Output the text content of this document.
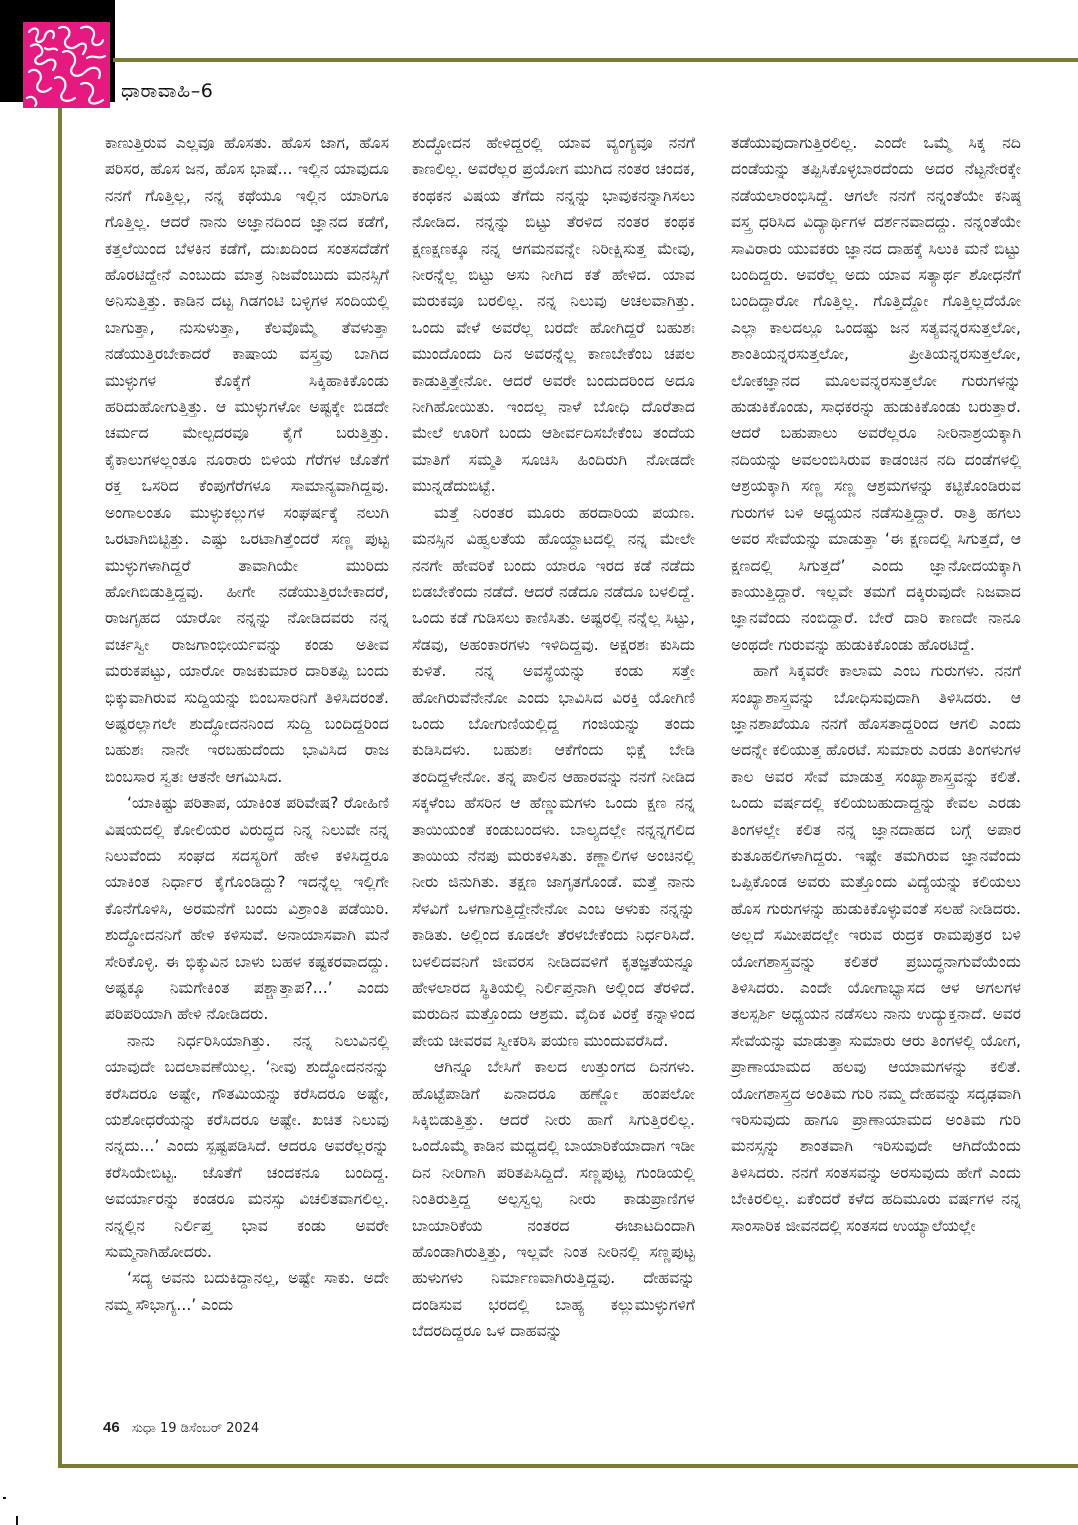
ಧಾರಾವಾಹಿ–6

ಕಾಣುತ್ತಿರುವ ಎಲ್ಲವೂ ಹೊಸತು. ಹೊಸ ಜಾಗ, ಹೊಸ ಪರಿಸರ, ಹೊಸ ಜನ, ಹೊಸ ಭಾಷೆ... ಇಲ್ಲಿನ ಯಾವುದೂ ನನಗೆ ಗೊತ್ತಿಲ್ಲ, ನನ್ನ ಕಥೆಯೂ ಇಲ್ಲಿನ ಯಾರಿಗೂ ಗೊತ್ತಿಲ್ಲ. ಆದರೆ ನಾನು ಅಜ್ಞಾನದಿಂದ ಜ್ಞಾನದ ಕಡೆಗೆ, ಕತ್ತಲೆಯಿಂದ ಬೆಳಕಿನ ಕಡೆಗೆ, ದುಃಖದಿಂದ ಸಂತಸದೆಡೆಗೆ ಹೊರಟಿದ್ದೇನೆ ಎಂಬುದು ಮಾತ್ರ ನಿಜವೆಂಬುದು ಮನಸ್ಸಿಗೆ ಅನಿಸುತ್ತಿತ್ತು. ಕಾಡಿನ ದಟ್ಟ ಗಿಡಗಂಟಿ ಬಳ್ಳಿಗಳ ಸಂದಿಯಲ್ಲಿ ಬಾಗುತ್ತಾ, ನುಸುಳುತ್ತಾ, ಕೆಲವೊಮ್ಮೆ ತೆವಳುತ್ತಾ ನಡೆಯುತ್ತಿರಬೇಕಾದರೆ ಕಾಷಾಯ ವಸ್ತ್ರವು ಬಾಗಿದ ಮುಳ್ಳುಗಳ ಕೊಕ್ಕೆಗೆ ಸಿಕ್ಕಿಹಾಕಿಕೊಂಡು ಹರಿದುಹೋಗುತ್ತಿತ್ತು. ಆ ಮುಳ್ಳುಗಳೋ ಅಷ್ಟಕ್ಕೇ ಬಿಡದೇ ಚರ್ಮದ ಮೇಲ್ಪದರವೂ ಕೈಗೆ ಬರುತ್ತಿತ್ತು. ಕೈಕಾಲುಗಳಲ್ಲಂತೂ ನೂರಾರು ಬಿಳಿಯ ಗೆರೆಗಳ ಜೊತೆಗೆ ರಕ್ತ ಒಸರಿದ ಕೆಂಪುಗೆರೆಗಳೂ ಸಾಮಾನ್ಯವಾಗಿದ್ದವು. ಅಂಗಾಲಂತೂ ಮುಳ್ಳುಕಲ್ಲುಗಳ ಸಂಘರ್ಷಕ್ಕೆ ನಲುಗಿ ಒರಟಾಗಿಬಿಟ್ಟಿತ್ತು. ಎಷ್ಟು ಒರಟಾಗಿತ್ತೆಂದರೆ ಸಣ್ಣ ಪುಟ್ಟ ಮುಳ್ಳುಗಳಾಗಿದ್ದರೆ ತಾವಾಗಿಯೇ ಮುರಿದು ಹೋಗಿಬಿಡುತ್ತಿದ್ದವು. ಹೀಗೇ ನಡೆಯುತ್ತಿರಬೇಕಾದರೆ, ರಾಜಗೃಹದ ಯಾರೋ ನನ್ನನ್ನು ನೋಡಿದವರು ನನ್ನ ವರ್ಚಸ್ವೀ ರಾಜಗಾಂಭೀರ್ಯವನ್ನು ಕಂಡು ಅತೀವ ಮರುಕಪಟ್ಟು, ಯಾರೋ ರಾಜಕುಮಾರ ದಾರಿತಪ್ಪಿ ಬಂದು ಭಿಕ್ಕುವಾಗಿರುವ ಸುದ್ದಿಯನ್ನು ಬಿಂಬಸಾರನಿಗೆ ತಿಳಿಸಿದರಂತೆ. ಅಷ್ಟರಲ್ಲಾಗಲೇ ಶುದ್ಧೋದನನಿಂದ ಸುದ್ದಿ ಬಂದಿದ್ದರಿಂದ ಬಹುಶಃ ನಾನೇ ಇರಬಹುದೆಂದು ಭಾವಿಸಿದ ರಾಜ ಬಿಂಬಸಾರ ಸ್ವತಃ ಆತನೇ ಆಗಮಿಸಿದ.

‘ಯಾಕಿಷ್ಟು ಪರಿತಾಪ, ಯಾಕಿಂತ ಪರಿವೇಷ? ರೋಹಿಣಿ ವಿಷಯದಲ್ಲಿ ಕೋಲಿಯರ ವಿರುದ್ಧದ ನಿನ್ನ ನಿಲುವೇ ನನ್ನ ನಿಲುವೆಂದು ಸಂಘದ ಸದಸ್ಯರಿಗೆ ಹೇಳಿ ಕಳಿಸಿದ್ದರೂ ಯಾಕಿಂತ ನಿರ್ಧಾರ ಕೈಗೊಂಡಿದ್ದು? ಇದನ್ನೆಲ್ಲ ಇಲ್ಲಿಗೇ ಕೊನೆಗೊಳಿಸಿ, ಅರಮನೆಗೆ ಬಂದು ವಿಶ್ರಾಂತಿ ಪಡೆಯಿರಿ. ಶುದ್ಧೋದನನಿಗೆ ಹೇಳಿ ಕಳಿಸುವೆ. ಅನಾಯಾಸವಾಗಿ ಮನೆ ಸೇರಿಕೊಳ್ಳಿ. ಈ ಭಿಕ್ಕುವಿನ ಬಾಳು ಬಹಳ ಕಷ್ಟಕರವಾದದ್ದು. ಅಷ್ಟಕ್ಕೂ ನಿಮಗೇಕಿಂತ ಪಶ್ಚಾತ್ತಾಪ?...’ ಎಂದು ಪರಿಪರಿಯಾಗಿ ಹೇಳಿ ನೋಡಿದರು.

ನಾನು ನಿರ್ಧರಿಸಿಯಾಗಿತ್ತು. ನನ್ನ ನಿಲುವಿನಲ್ಲಿ ಯಾವುದೇ ಬದಲಾವಣೆಯಿಲ್ಲ. ‘ನೀವು ಶುದ್ಧೋದನನನ್ನು ಕರೆಸಿದರೂ ಅಷ್ಟೇ, ಗೌತಮಿಯನ್ನು ಕರೆಸಿದರೂ ಅಷ್ಟೇ, ಯಶೋಧರೆಯನ್ನು ಕರೆಸಿದರೂ ಅಷ್ಟೇ. ಖಚಿತ ನಿಲುವು ನನ್ನದು...’ ಎಂದು ಸ್ಪಷ್ಟಪಡಿಸಿದೆ. ಆದರೂ ಅವರೆಲ್ಲರನ್ನು ಕರೆಸಿಯೇಬಿಟ್ಟ. ಜೊತೆಗೆ ಚಂದಕನೂ ಬಂದಿದ್ದ. ಅವರ್ಯಾರನ್ನು ಕಂಡರೂ ಮನಸ್ಸು ವಿಚಲಿತವಾಗಲಿಲ್ಲ. ನನ್ನಲ್ಲಿನ ನಿರ್ಲಿಪ್ತ ಭಾವ ಕಂಡು ಅವರೇ ಸುಮ್ಮನಾಗಿಹೋದರು.

‘ಸದ್ಯ ಅವನು ಬದುಕಿದ್ದಾನಲ್ಲ, ಅಷ್ಟೇ ಸಾಕು. ಅದೇ ನಮ್ಮ ಸೌಭಾಗ್ಯ...’ ಎಂದು

ಶುದ್ಧೋದನ ಹೇಳಿದ್ದರಲ್ಲಿ ಯಾವ ವ್ಯಂಗ್ಯವೂ ನನಗೆ ಕಾಣಲಿಲ್ಲ. ಅವರೆಲ್ಲರ ಪ್ರಯೋಗ ಮುಗಿದ ನಂತರ ಚಂದಕ, ಕಂಥಕನ ವಿಷಯ ತೆಗೆದು ನನ್ನನ್ನು ಭಾವುಕನನ್ನಾಗಿಸಲು ನೋಡಿದ. ನನ್ನನ್ನು ಬಿಟ್ಟು ತೆರಳಿದ ನಂತರ ಕಂಥಕ ಕ್ಷಣಕ್ಷಣಕ್ಕೂ ನನ್ನ ಆಗಮನವನ್ನೇ ನಿರೀಕ್ಷಿಸುತ್ತ ಮೇವು, ನೀರನ್ನೆಲ್ಲ ಬಿಟ್ಟು ಅಸು ನೀಗಿದ ಕತೆ ಹೇಳಿದ. ಯಾವ ಮರುಕವೂ ಬರಲಿಲ್ಲ. ನನ್ನ ನಿಲುವು ಅಚಲವಾಗಿತ್ತು. ಒಂದು ವೇಳೆ ಅವರೆಲ್ಲ ಬರದೇ ಹೋಗಿದ್ದರೆ ಬಹುಶಃ ಮುಂದೊಂದು ದಿನ ಅವರನ್ನೆಲ್ಲ ಕಾಣಬೇಕೆಂಬ ಚಪಲ ಕಾಡುತ್ತಿತ್ತೇನೋ. ಆದರೆ ಅವರೇ ಬಂದುದರಿಂದ ಅದೂ ನೀಗಿಹೋಯಿತು. ಇಂದಲ್ಲ ನಾಳೆ ಬೋಧಿ ದೊರೆತಾದ ಮೇಲೆ ಊರಿಗೆ ಬಂದು ಆಶೀರ್ವದಿಸಬೇಕೆಂಬ ತಂದೆಯ ಮಾತಿಗೆ ಸಮ್ಮತಿ ಸೂಚಿಸಿ ಹಿಂದಿರುಗಿ ನೋಡದೇ ಮುನ್ನಡೆದುಬಿಟ್ಟೆ.

ಮತ್ತೆ ನಿರಂತರ ಮೂರು ಹರದಾರಿಯ ಪಯಣ. ಮನಸ್ಸಿನ ವಿಹ್ವಲತೆಯ ಹೊಯ್ದಾಟದಲ್ಲಿ ನನ್ನ ಮೇಲೇ ನನಗೇ ಹೇವರಿಕೆ ಬಂದು ಯಾರೂ ಇರದ ಕಡೆ ನಡೆದು ಬಿಡಬೇಕೆಂದು ನಡೆದೆ. ಆದರೆ ನಡೆದೂ ನಡೆದೂ ಬಳಲಿದ್ದೆ. ಒಂದು ಕಡೆ ಗುಡಿಸಲು ಕಾಣಿಸಿತು. ಅಷ್ಟರಲ್ಲಿ ನನ್ನೆಲ್ಲ ಸಿಟ್ಟು, ಸೆಡವು, ಅಹಂಕಾರಗಳು ಇಳಿದಿದ್ದವು. ಅಕ್ಷರಶಃ ಕುಸಿದು ಕುಳಿತೆ. ನನ್ನ ಅವಸ್ಥೆಯನ್ನು ಕಂಡು ಸತ್ತೇ ಹೋಗಿರುವೆನೇನೋ ಎಂದು ಭಾವಿಸಿದ ವಿರಕ್ತಿ ಯೋಗಿಣಿ ಒಂದು ಬೋಗುಣಿಯಲ್ಲಿದ್ದ ಗಂಜಿಯನ್ನು ತಂದು ಕುಡಿಸಿದಳು. ಬಹುಶಃ ಆಕೆಗೆಂದು ಭಿಕ್ಷೆ ಬೇಡಿ ತಂದಿದ್ದಳೇನೋ. ತನ್ನ ಪಾಲಿನ ಆಹಾರವನ್ನು ನನಗೆ ನೀಡಿದ ಸಕ್ಕಳೆಂಬ ಹೆಸರಿನ ಆ ಹೆಣ್ಣುಮಗಳು ಒಂದು ಕ್ಷಣ ನನ್ನ ತಾಯಿಯಂತೆ ಕಂಡುಬಂದಳು. ಬಾಲ್ಯದಲ್ಲೇ ನನ್ನನ್ನಗಲಿದ ತಾಯಿಯ ನೆನಪು ಮರುಕಳಿಸಿತು. ಕಣ್ಣಾಲಿಗಳ ಅಂಚಿನಲ್ಲಿ ನೀರು ಜಿನುಗಿತು. ತಕ್ಷಣ ಜಾಗೃತಗೊಂಡೆ. ಮತ್ತೆ ನಾನು ಸೆಳವಿಗೆ ಒಳಗಾಗುತ್ತಿದ್ದೇನೇನೋ ಎಂಬ ಅಳುಕು ನನ್ನನ್ನು ಕಾಡಿತು. ಅಲ್ಲಿಂದ ಕೂಡಲೇ ತೆರಳಬೇಕೆಂದು ನಿರ್ಧರಿಸಿದೆ. ಬಳಲಿದವನಿಗೆ ಜೀವರಸ ನೀಡಿದವಳಿಗೆ ಕೃತಜ್ಞತೆಯನ್ನೂ ಹೇಳಲಾರದ ಸ್ಥಿತಿಯಲ್ಲಿ ನಿರ್ಲಿಪ್ತನಾಗಿ ಅಲ್ಲಿಂದ ತೆರಳಿದೆ. ಮರುದಿನ ಮತ್ತೊಂದು ಆಶ್ರಮ. ವೈದಿಕ ವಿರಕ್ತೆ ಕನ್ನಾಳಿಂದ ಪೇಯ ಚೀವರವ ಸ್ವೀಕರಿಸಿ ಪಯಣ ಮುಂದುವರೆಸಿದೆ.

ಆಗಿನ್ನೂ ಬೇಸಿಗೆ ಕಾಲದ ಉತ್ತುಂಗದ ದಿನಗಳು. ಹೊಟ್ಟೆಪಾಡಿಗೆ ಏನಾದರೂ ಹಣ್ಣೋ ಹಂಪಲೋ ಸಿಕ್ಕಿಬಿಡುತ್ತಿತ್ತು. ಆದರೆ ನೀರು ಹಾಗೆ ಸಿಗುತ್ತಿರಲಿಲ್ಲ. ಒಂದೊಮ್ಮೆ ಕಾಡಿನ ಮಧ್ಯದಲ್ಲಿ ಬಾಯಾರಿಕೆಯಾದಾಗ ಇಡೀ ದಿನ ನೀರಿಗಾಗಿ ಪರಿತಪಿಸಿದ್ದಿದೆ. ಸಣ್ಣಪುಟ್ಟ ಗುಂಡಿಯಲ್ಲಿ ನಿಂತಿರುತ್ತಿದ್ದ ಅಲ್ಪಸ್ವಲ್ಪ ನೀರು ಕಾಡುಪ್ರಾಣಿಗಳ ಬಾಯಾರಿಕೆಯ ನಂತರದ ಈಜಾಟದಿಂದಾಗಿ ಹೊಂಡಾಗಿರುತ್ತಿತ್ತು, ಇಲ್ಲವೇ ನಿಂತ ನೀರಿನಲ್ಲಿ ಸಣ್ಣಪುಟ್ಟ ಹುಳುಗಳು ನಿರ್ಮಾಣವಾಗಿರುತ್ತಿದ್ದವು. ದೇಹವನ್ನು ದಂಡಿಸುವ ಭರದಲ್ಲಿ ಬಾಹ್ಯ ಕಲ್ಲುಮುಳ್ಳುಗಳಿಗೆ ಬೆದರದಿದ್ದರೂ ಒಳ ದಾಹವನ್ನು

ತಡೆಯುವುದಾಗುತ್ತಿರಲಿಲ್ಲ. ಎಂದೇ ಒಮ್ಮೆ ಸಿಕ್ಕ ನದಿ ದಂಡೆಯನ್ನು ತಪ್ಪಿಸಿಕೊಳ್ಳಬಾರದೆಂದು ಅದರ ನೆಟ್ಟನೇರಕ್ಕೇ ನಡೆಯಲಾರಂಭಿಸಿದ್ದೆ. ಆಗಲೇ ನನಗೆ ನನ್ನಂತೆಯೇ ಕನಿಷ್ಠ ವಸ್ತ್ರ ಧರಿಸಿದ ವಿದ್ಯಾರ್ಥಿಗಳ ದರ್ಶನವಾದದ್ದು. ನನ್ನಂತೆಯೇ ಸಾವಿರಾರು ಯುವಕರು ಜ್ಞಾನದ ದಾಹಕ್ಕೆ ಸಿಲುಕಿ ಮನೆ ಬಿಟ್ಟು ಬಂದಿದ್ದರು. ಅವರೆಲ್ಲ ಅದು ಯಾವ ಸತ್ಯಾರ್ಥ ಶೋಧನೆಗೆ ಬಂದಿದ್ದಾರೋ ಗೊತ್ತಿಲ್ಲ. ಗೊತ್ತಿದ್ದೋ ಗೊತ್ತಿಲ್ಲದೆಯೋ ಎಲ್ಲಾ ಕಾಲದಲ್ಲೂ ಒಂದಷ್ಟು ಜನ ಸತ್ಯವನ್ನರಸುತ್ತಲೋ, ಶಾಂತಿಯನ್ನರಸುತ್ತಲೋ, ಪ್ರೀತಿಯನ್ನರಸುತ್ತಲೋ, ಲೋಕಜ್ಞಾನದ ಮೂಲವನ್ನರಸುತ್ತಲೋ ಗುರುಗಳನ್ನು ಹುಡುಕಿಕೊಂಡು, ಸಾಧಕರನ್ನು ಹುಡುಕಿಕೊಂಡು ಬರುತ್ತಾರೆ. ಆದರೆ ಬಹುಪಾಲು ಅವರೆಲ್ಲರೂ ನೀರಿನಾಶ್ರಯಕ್ಕಾಗಿ ನದಿಯನ್ನು ಅವಲಂಬಿಸಿರುವ ಕಾಡಂಚಿನ ನದಿ ದಂಡೆಗಳಲ್ಲಿ ಆಶ್ರಯಕ್ಕಾಗಿ ಸಣ್ಣ ಸಣ್ಣ ಆಶ್ರಮಗಳನ್ನು ಕಟ್ಟಿಕೊಂಡಿರುವ ಗುರುಗಳ ಬಳಿ ಅಧ್ಯಯನ ನಡೆಸುತ್ತಿದ್ದಾರೆ. ರಾತ್ರಿ ಹಗಲು ಅವರ ಸೇವೆಯನ್ನು ಮಾಡುತ್ತಾ ‘ಈ ಕ್ಷಣದಲ್ಲಿ ಸಿಗುತ್ತದೆ, ಆ ಕ್ಷಣದಲ್ಲಿ ಸಿಗುತ್ತದೆ’ ಎಂದು ಜ್ಞಾನೋದಯಕ್ಕಾಗಿ ಕಾಯುತ್ತಿದ್ದಾರೆ. ಇಲ್ಲವೇ ತಮಗೆ ದಕ್ಕಿರುವುದೇ ನಿಜವಾದ ಜ್ಞಾನವೆಂದು ನಂಬಿದ್ದಾರೆ. ಬೇರೆ ದಾರಿ ಕಾಣದೇ ನಾನೂ ಅಂಥದೇ ಗುರುವನ್ನು ಹುಡುಕಿಕೊಂಡು ಹೊರಟಿದ್ದೆ.

ಹಾಗೆ ಸಿಕ್ಕವರೇ ಕಾಲಾಮ ಎಂಬ ಗುರುಗಳು. ನನಗೆ ಸಂಖ್ಯಾಶಾಸ್ತ್ರವನ್ನು ಬೋಧಿಸುವುದಾಗಿ ತಿಳಿಸಿದರು. ಆ ಜ್ಞಾನಶಾಖೆಯೂ ನನಗೆ ಹೊಸತಾದ್ದರಿಂದ ಆಗಲಿ ಎಂದು ಅದನ್ನೇ ಕಲಿಯುತ್ತ ಹೊರಟೆ. ಸುಮಾರು ಎರಡು ತಿಂಗಳುಗಳ ಕಾಲ ಅವರ ಸೇವೆ ಮಾಡುತ್ತ ಸಂಖ್ಯಾಶಾಸ್ತ್ರವನ್ನು ಕಲಿತೆ. ಒಂದು ವರ್ಷದಲ್ಲಿ ಕಲಿಯಬಹುದಾದ್ದನ್ನು ಕೇವಲ ಎರಡು ತಿಂಗಳಲ್ಲೇ ಕಲಿತ ನನ್ನ ಜ್ಞಾನದಾಹದ ಬಗ್ಗೆ ಅಪಾರ ಕುತೂಹಲಿಗಳಾಗಿದ್ದರು. ಇಷ್ಟೇ ತಮಗಿರುವ ಜ್ಞಾನವೆಂದು ಒಪ್ಪಿಕೊಂಡ ಅವರು ಮತ್ತೊಂದು ವಿದ್ಯೆಯನ್ನು ಕಲಿಯಲು ಹೊಸ ಗುರುಗಳನ್ನು ಹುಡುಕಿಕೊಳ್ಳುವಂತೆ ಸಲಹೆ ನೀಡಿದರು. ಅಲ್ಲದೆ ಸಮೀಪದಲ್ಲೇ ಇರುವ ರುದ್ರಕ ರಾಮಪುತ್ರರ ಬಳಿ ಯೋಗಶಾಸ್ತ್ರವನ್ನು ಕಲಿತರೆ ಪ್ರಬುದ್ಧನಾಗುವೆಯೆಂದು ತಿಳಿಸಿದರು. ಎಂದೇ ಯೋಗಾಭ್ಯಾಸದ ಆಳ ಅಗಲಗಳ ತಲಸ್ಪರ್ಶಿ ಅಧ್ಯಯನ ನಡೆಸಲು ನಾನು ಉದ್ಯುಕ್ತನಾದೆ. ಅವರ ಸೇವೆಯನ್ನು ಮಾಡುತ್ತಾ ಸುಮಾರು ಆರು ತಿಂಗಳಲ್ಲಿ ಯೋಗ, ಪ್ರಾಣಾಯಾಮದ ಹಲವು ಆಯಾಮಗಳನ್ನು ಕಲಿತೆ. ಯೋಗಶಾಸ್ತ್ರದ ಅಂತಿಮ ಗುರಿ ನಮ್ಮ ದೇಹವನ್ನು ಸದೃಢವಾಗಿ ಇರಿಸುವುದು ಹಾಗೂ ಪ್ರಾಣಾಯಾಮದ ಅಂತಿಮ ಗುರಿ ಮನಸ್ಸನ್ನು ಶಾಂತವಾಗಿ ಇರಿಸುವುದೇ ಆಗಿದೆಯೆಂದು ತಿಳಿಸಿದರು. ನನಗೆ ಸಂತಸವನ್ನು ಅರಸುವುದು ಹೇಗೆ ಎಂದು ಬೇಕಿರಲಿಲ್ಲ. ಏಕೆಂದರೆ ಕಳೆದ ಹದಿಮೂರು ವರ್ಷಗಳ ನನ್ನ ಸಾಂಸಾರಿಕ ಜೀವನದಲ್ಲಿ ಸಂತಸದ ಉಯ್ಯಾಲೆಯಲ್ಲೇ

46 ಸುಧಾ 19 ಡಿಸೆಂಬರ್ 2024
